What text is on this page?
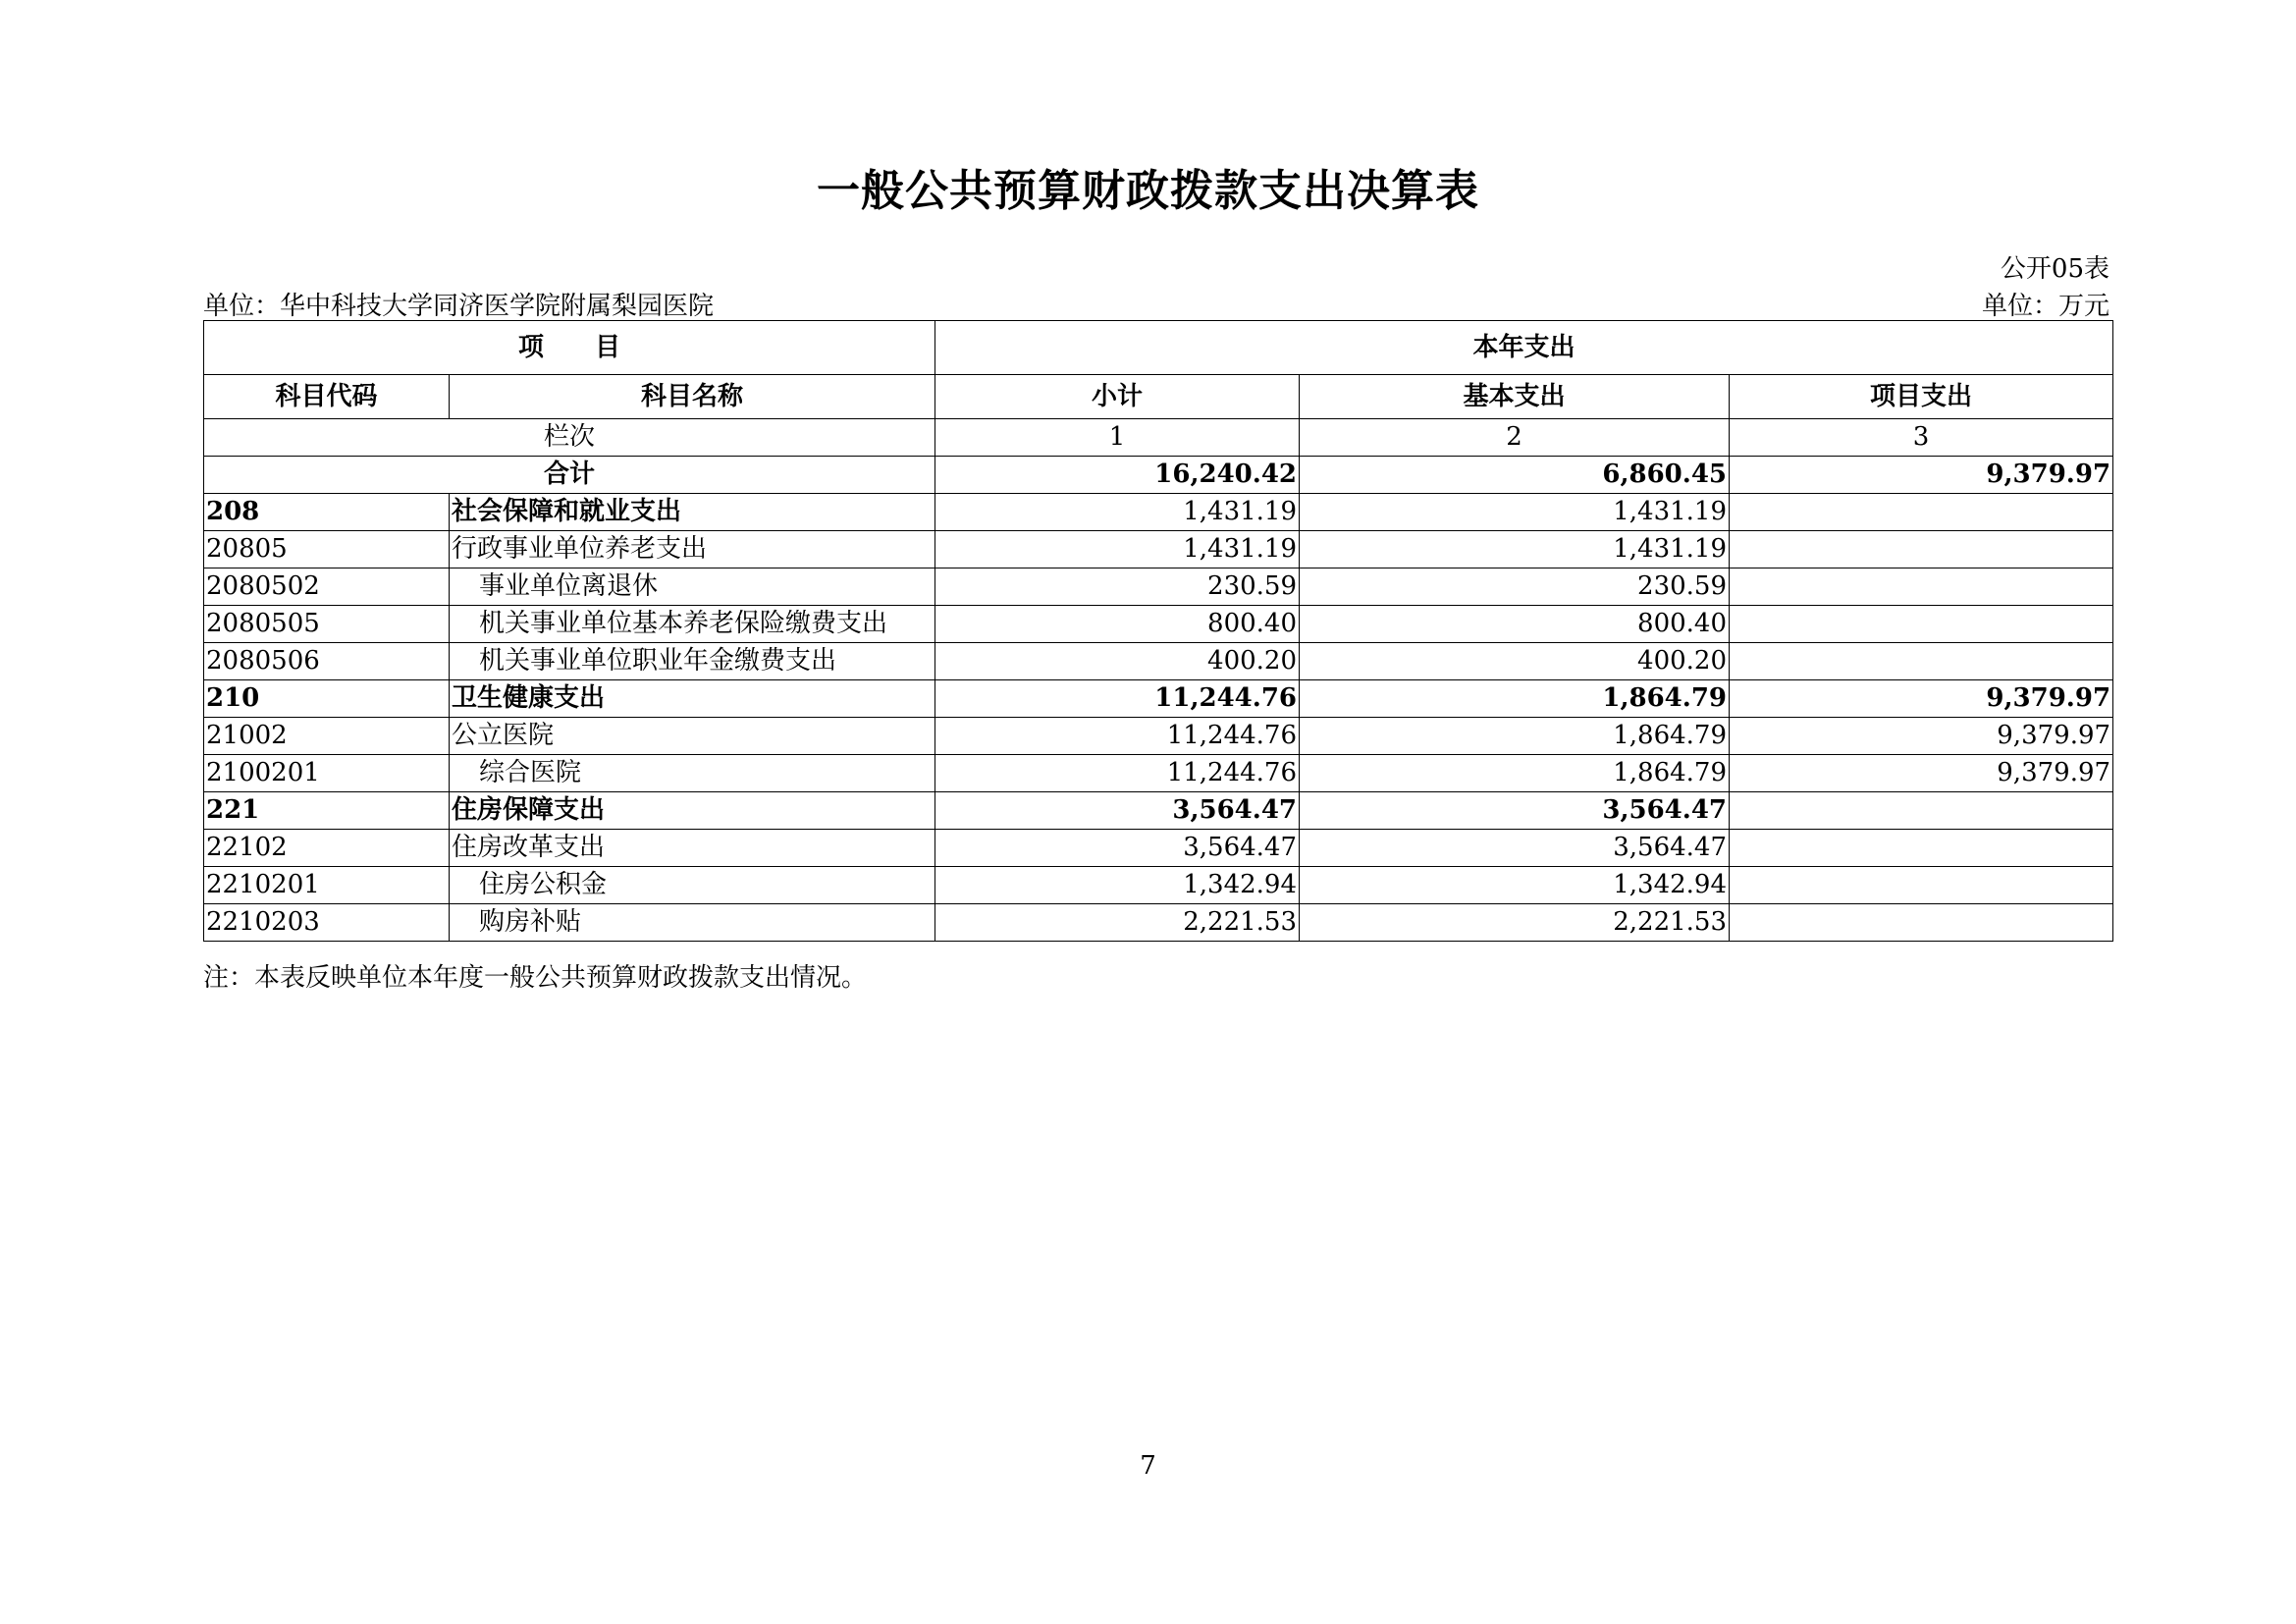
一般公共预算财政拨款支出决算表
公开05表
单位：华中科技大学同济医学院附属梨园医院	单位：万元
项　　目		本年支出		
科目代码	科目名称	小计	基本支出	项目支出
栏次		1	2	3
合计		16,240.42	6,860.45	9,379.97
208	社会保障和就业支出	1,431.19	1,431.19	
20805	行政事业单位养老支出	1,431.19	1,431.19	
2080502	事业单位离退休	230.59	230.59	
2080505	机关事业单位基本养老保险缴费支出	800.40	800.40	
2080506	机关事业单位职业年金缴费支出	400.20	400.20	
210	卫生健康支出	11,244.76	1,864.79	9,379.97
21002	公立医院	11,244.76	1,864.79	9,379.97
2100201	综合医院	11,244.76	1,864.79	9,379.97
221	住房保障支出	3,564.47	3,564.47	
22102	住房改革支出	3,564.47	3,564.47	
2210201	住房公积金	1,342.94	1,342.94	
2210203	购房补贴	2,221.53	2,221.53	
注：本表反映单位本年度一般公共预算财政拨款支出情况。
7
